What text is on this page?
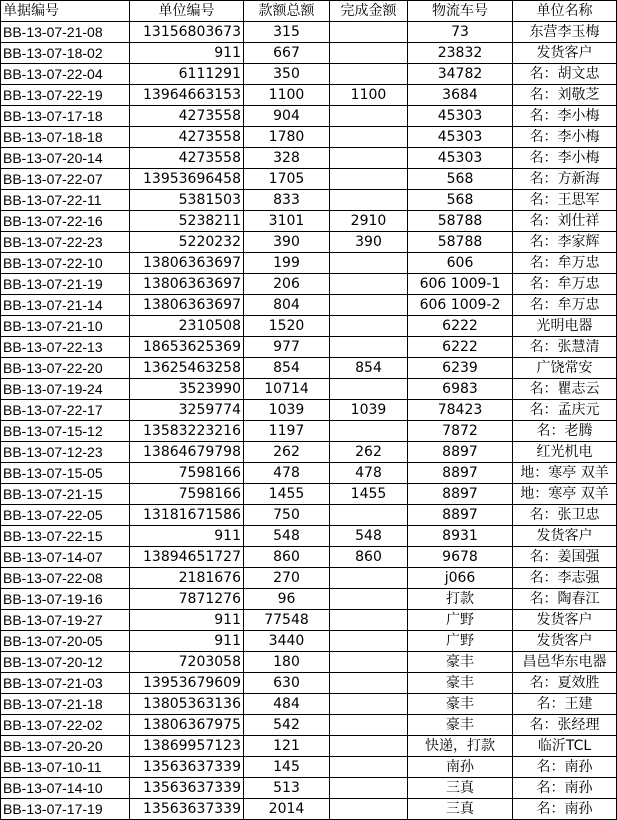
单据编号	单位编号	款额总额	完成金额	物流车号	单位名称
BB-13-07-21-08	13156803673	315		73	东营李玉梅
BB-13-07-18-02	911	667		23832	发货客户
BB-13-07-22-04	6111291	350		34782	名：胡文忠
BB-13-07-22-19	13964663153	1100	1100	3684	名：刘敬芝
BB-13-07-17-18	4273558	904		45303	名：李小梅
BB-13-07-18-18	4273558	1780		45303	名：李小梅
BB-13-07-20-14	4273558	328		45303	名：李小梅
BB-13-07-22-07	13953696458	1705		568	名：方新海
BB-13-07-22-11	5381503	833		568	名：王思军
BB-13-07-22-16	5238211	3101	2910	58788	名：刘仕祥
BB-13-07-22-23	5220232	390	390	58788	名：李家辉
BB-13-07-22-10	13806363697	199		606	名：牟万忠
BB-13-07-21-19	13806363697	206		606 1009-1	名：牟万忠
BB-13-07-21-14	13806363697	804		606 1009-2	名：牟万忠
BB-13-07-21-10	2310508	1520		6222	光明电器
BB-13-07-22-13	18653625369	977		6222	名：张慧清
BB-13-07-22-20	13625463258	854	854	6239	广饶常安
BB-13-07-19-24	3523990	10714		6983	名：瞿志云
BB-13-07-22-17	3259774	1039	1039	78423	名：孟庆元
BB-13-07-15-12	13583223216	1197		7872	名：老腾
BB-13-07-12-23	13864679798	262	262	8897	红光机电
BB-13-07-15-05	7598166	478	478	8897	地：寒亭 双羊
BB-13-07-21-15	7598166	1455	1455	8897	地：寒亭 双羊
BB-13-07-22-05	13181671586	750		8897	名：张卫忠
BB-13-07-22-15	911	548	548	8931	发货客户
BB-13-07-14-07	13894651727	860	860	9678	名：姜国强
BB-13-07-22-08	2181676	270		j066	名：李志强
BB-13-07-19-16	7871276	96		打款	名：陶春江
BB-13-07-19-27	911	77548		广野	发货客户
BB-13-07-20-05	911	3440		广野	发货客户
BB-13-07-20-12	7203058	180		豪丰	昌邑华东电器
BB-13-07-21-03	13953679609	630		豪丰	名：夏效胜
BB-13-07-21-18	13805363136	484		豪丰	名：王建
BB-13-07-22-02	13806367975	542		豪丰	名：张经理
BB-13-07-20-20	13869957123	121		快递，打款	临沂TCL
BB-13-07-10-11	13563637339	145		南孙	名：南孙
BB-13-07-14-10	13563637339	513		三真	名：南孙
BB-13-07-17-19	13563637339	2014		三真	名：南孙
